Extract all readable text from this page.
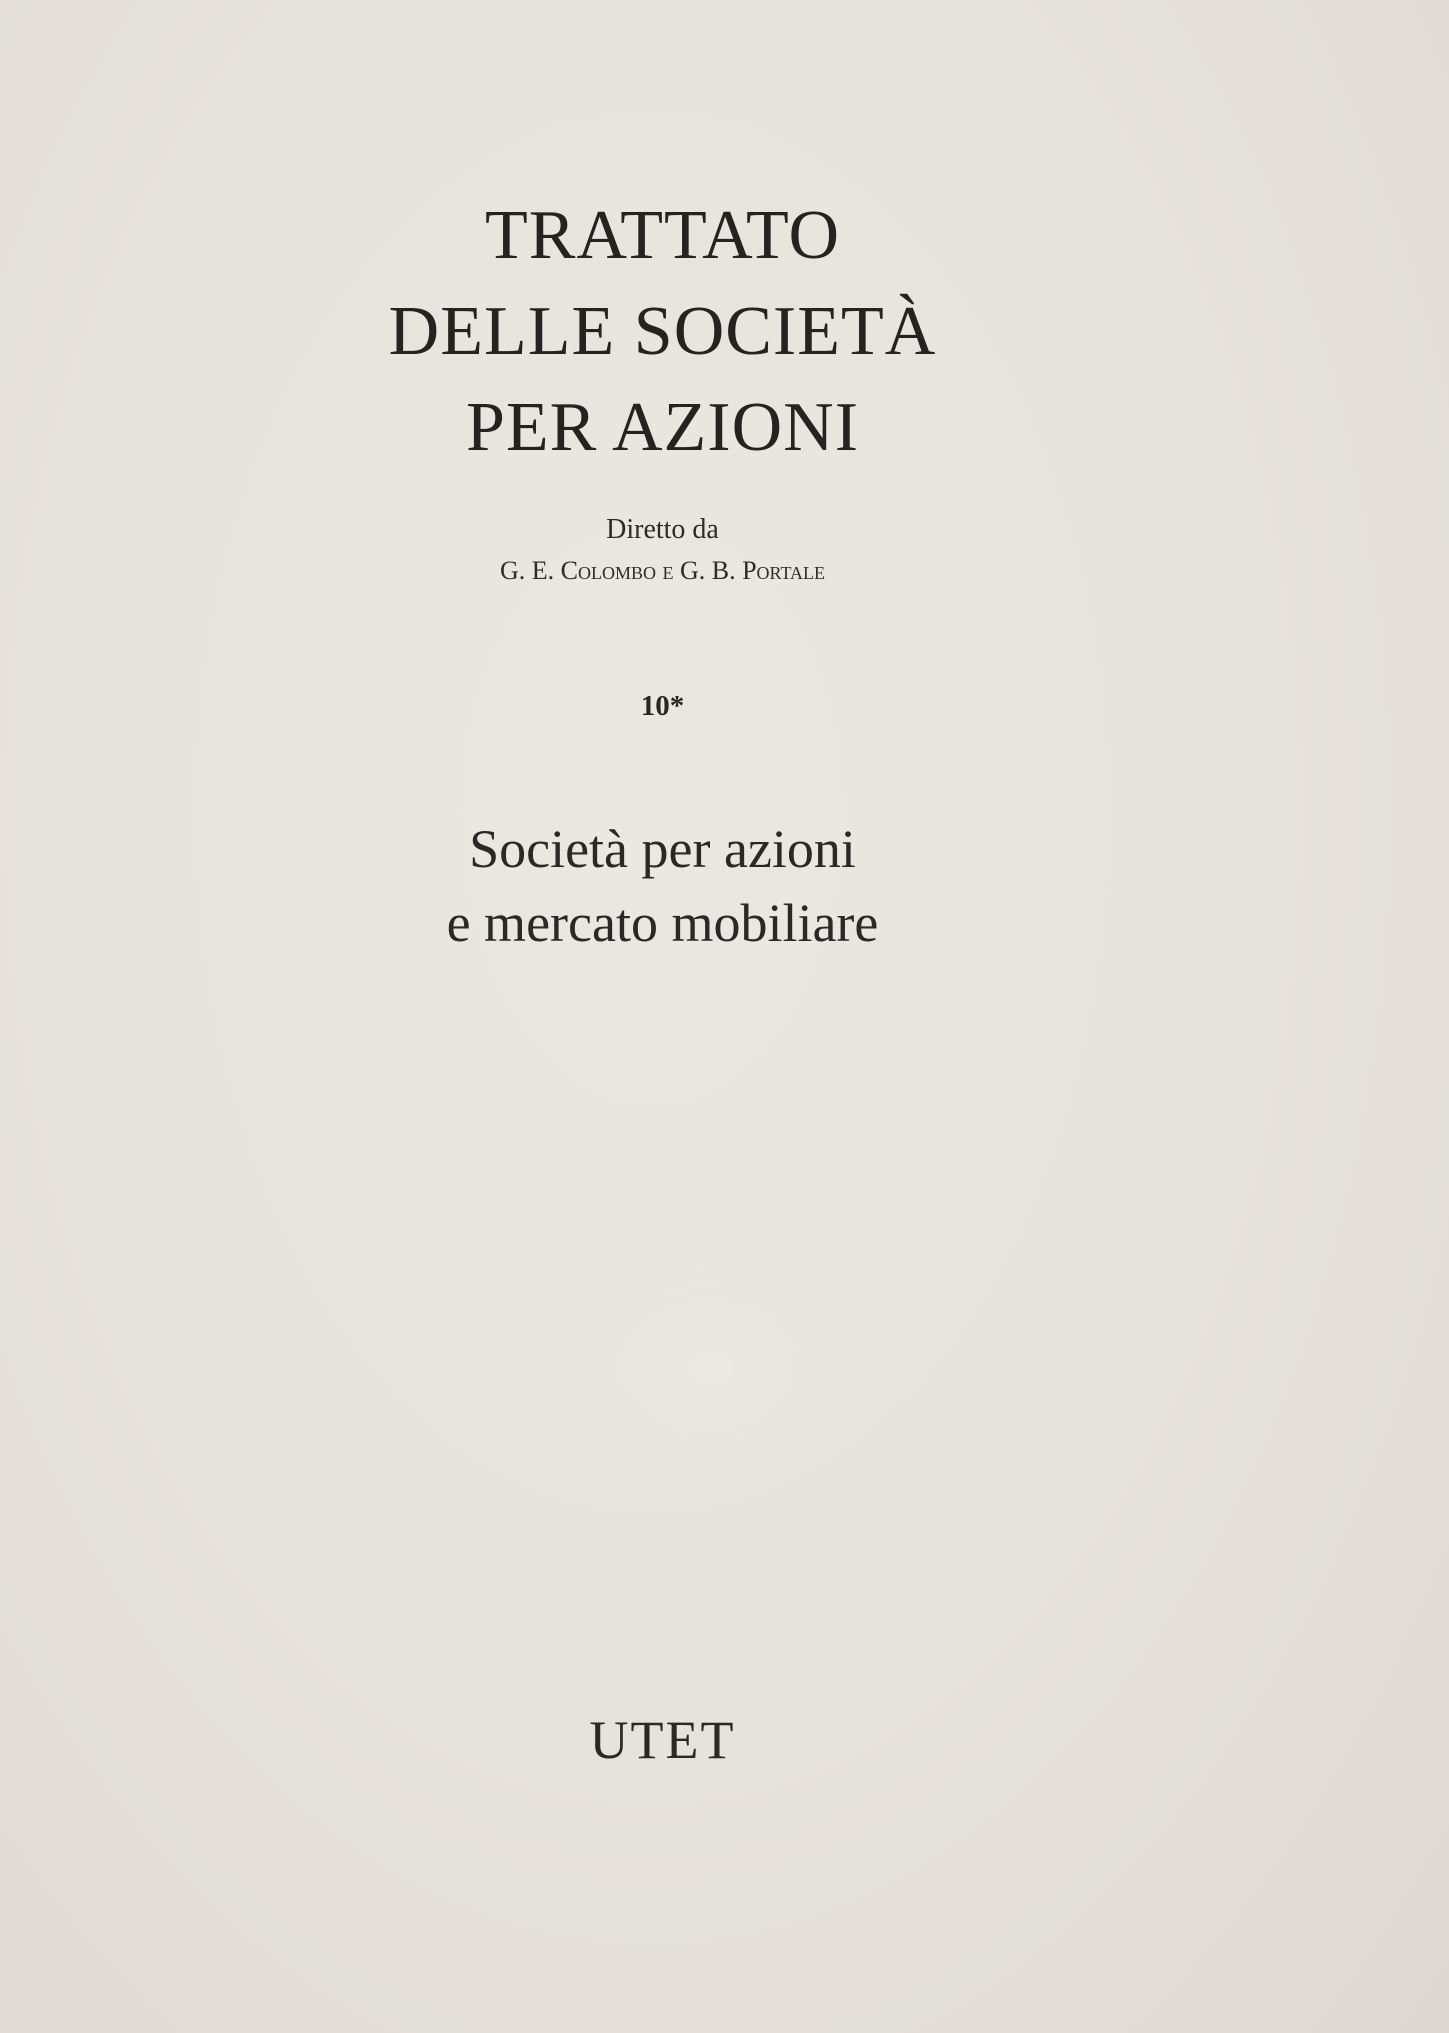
TRATTATO
DELLE SOCIETÀ
PER AZIONI
Diretto da
G. E. Colombo e G. B. Portale
10*
Società per azioni
e mercato mobiliare
UTET
